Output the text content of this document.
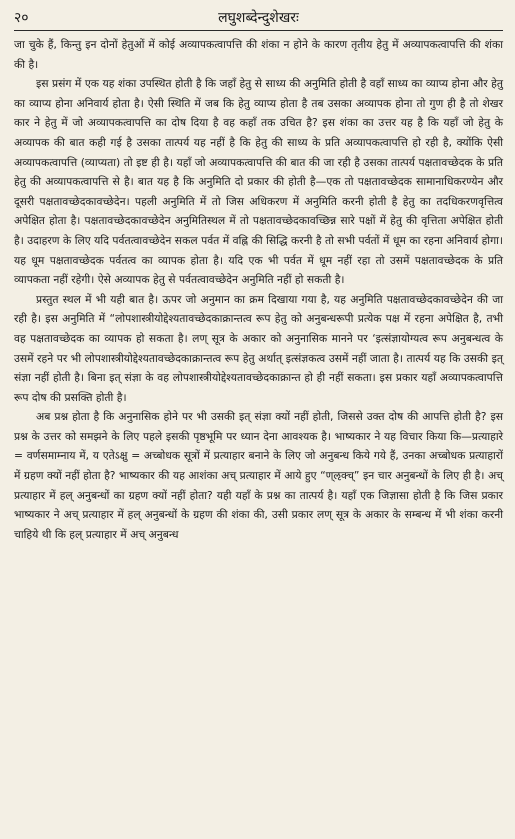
२०	लघुशब्देन्दुशेखरः

जा चुके हैं, किन्तु इन दोनों हेतुओं में कोई अव्यापकत्वापत्ति की शंका न होने के कारण तृतीय हेतु में अव्यापकत्वापत्ति की शंका की है।

इस प्रसंग में एक यह शंका उपस्थित होती है कि जहाँ हेतु से साध्य की अनुमिति होती है वहाँ साध्य का व्याप्य होना और हेतु का व्याप्य होना अनिवार्य होता है। ऐसी स्थिति में जब कि हेतु व्याप्य होता है तब उसका अव्यापक होना तो गुण ही है तो शेखर कार ने हेतु में जो अव्यापकत्वापत्ति का दोष दिया है वह कहाँ तक उचित है? इस शंका का उत्तर यह है कि यहाँ जो हेतु के अव्यापक की बात कही गई है उसका तात्पर्य यह नहीं है कि हेतु की साध्य के प्रति अव्यापकत्वापत्ति हो रही है, क्योंकि ऐसी अव्यापकत्वापत्ति (व्याप्यता) तो इष्ट ही है। यहाँ जो अव्यापकत्वापत्ति की बात की जा रही है उसका तात्पर्य पक्षतावच्छेदक के प्रति हेतु की अव्यापकत्वापत्ति से है। बात यह है कि अनुमिति दो प्रकार की होती है—एक तो पक्षतावच्छेदक सामानाधिकरण्येन और दूसरी पक्षतावच्छेदकावच्छेदेन। पहली अनुमिति में तो जिस अधिकरण में अनुमिति करनी होती है हेतु का तदधिकरणवृत्तित्व अपेक्षित होता है। पक्षतावच्छेदकावच्छेदेन अनुमितिस्थल में तो पक्षतावच्छेदकावच्छिन्न सारे पक्षों में हेतु की वृत्तिता अपेक्षित होती है। उदाहरण के लिए यदि पर्वतत्वावच्छेदेन सकल पर्वत में वह्नि की सिद्धि करनी है तो सभी पर्वतों में धूम का रहना अनिवार्य होगा। यह धूम पक्षतावच्छेदक पर्वतत्व का व्यापक होता है। यदि एक भी पर्वत में धूम नहीं रहा तो उसमें पक्षतावच्छेदक के प्रति व्यापकता नहीं रहेगी। ऐसे अव्यापक हेतु से पर्वतत्वावच्छेदेन अनुमिति नहीं हो सकती है।

प्रस्तुत स्थल में भी यही बात है। ऊपर जो अनुमान का क्रम दिखाया गया है, यह अनुमिति पक्षतावच्छेदकावच्छेदेन की जा रही है। इस अनुमिति में “लोपशास्त्रीयोद्देश्यतावच्छेदकाक्रान्तत्व रूप हेतु को अनुबन्धरूपी प्रत्येक पक्ष में रहना अपेक्षित है, तभी वह पक्षतावच्छेदक का व्यापक हो सकता है। लण् सूत्र के अकार को अनुनासिक मानने पर ‘इत्संज्ञायोग्यत्व रूप अनुबन्धत्व के उसमें रहने पर भी लोपशास्त्रीयोद्देश्यतावच्छेदकाक्रान्तत्व रूप हेतु अर्थात् इत्संज्ञकत्व उसमें नहीं जाता है। तात्पर्य यह कि उसकी इत् संज्ञा नहीं होती है। बिना इत् संज्ञा के वह लोपशास्त्रीयोद्देश्यतावच्छेदकाक्रान्त हो ही नहीं सकता। इस प्रकार यहाँ अव्यापकत्वापत्ति रूप दोष की प्रसक्ति होती है।

अब प्रश्न होता है कि अनुनासिक होने पर भी उसकी इत् संज्ञा क्यों नहीं होती, जिससे उक्त दोष की आपत्ति होती है? इस प्रश्न के उत्तर को समझने के लिए पहले इसकी पृष्ठभूमि पर ध्यान देना आवश्यक है। भाष्यकार ने यह विचार किया कि—प्रत्याहारे = वर्णसमाम्नाय में, य एतेऽक्षु = अच्बोधक सूत्रों में प्रत्याहार बनाने के लिए जो अनुबन्ध किये गये हैं, उनका अच्बोधक प्रत्याहारों में ग्रहण क्यों नहीं होता है? भाष्यकार की यह आशंका अच् प्रत्याहार में आये हुए “ण्ऌक्च्” इन चार अनुबन्धों के लिए ही है। अच् प्रत्याहार में हल् अनुबन्धों का ग्रहण क्यों नहीं होता? यही यहाँ के प्रश्न का तात्पर्य है। यहाँ एक जिज्ञासा होती है कि जिस प्रकार भाष्यकार ने अच् प्रत्याहार में हल् अनुबन्धों के ग्रहण की शंका की, उसी प्रकार लण् सूत्र के अकार के सम्बन्ध में भी शंका करनी चाहिये थी कि हल् प्रत्याहार में अच् अनुबन्ध
